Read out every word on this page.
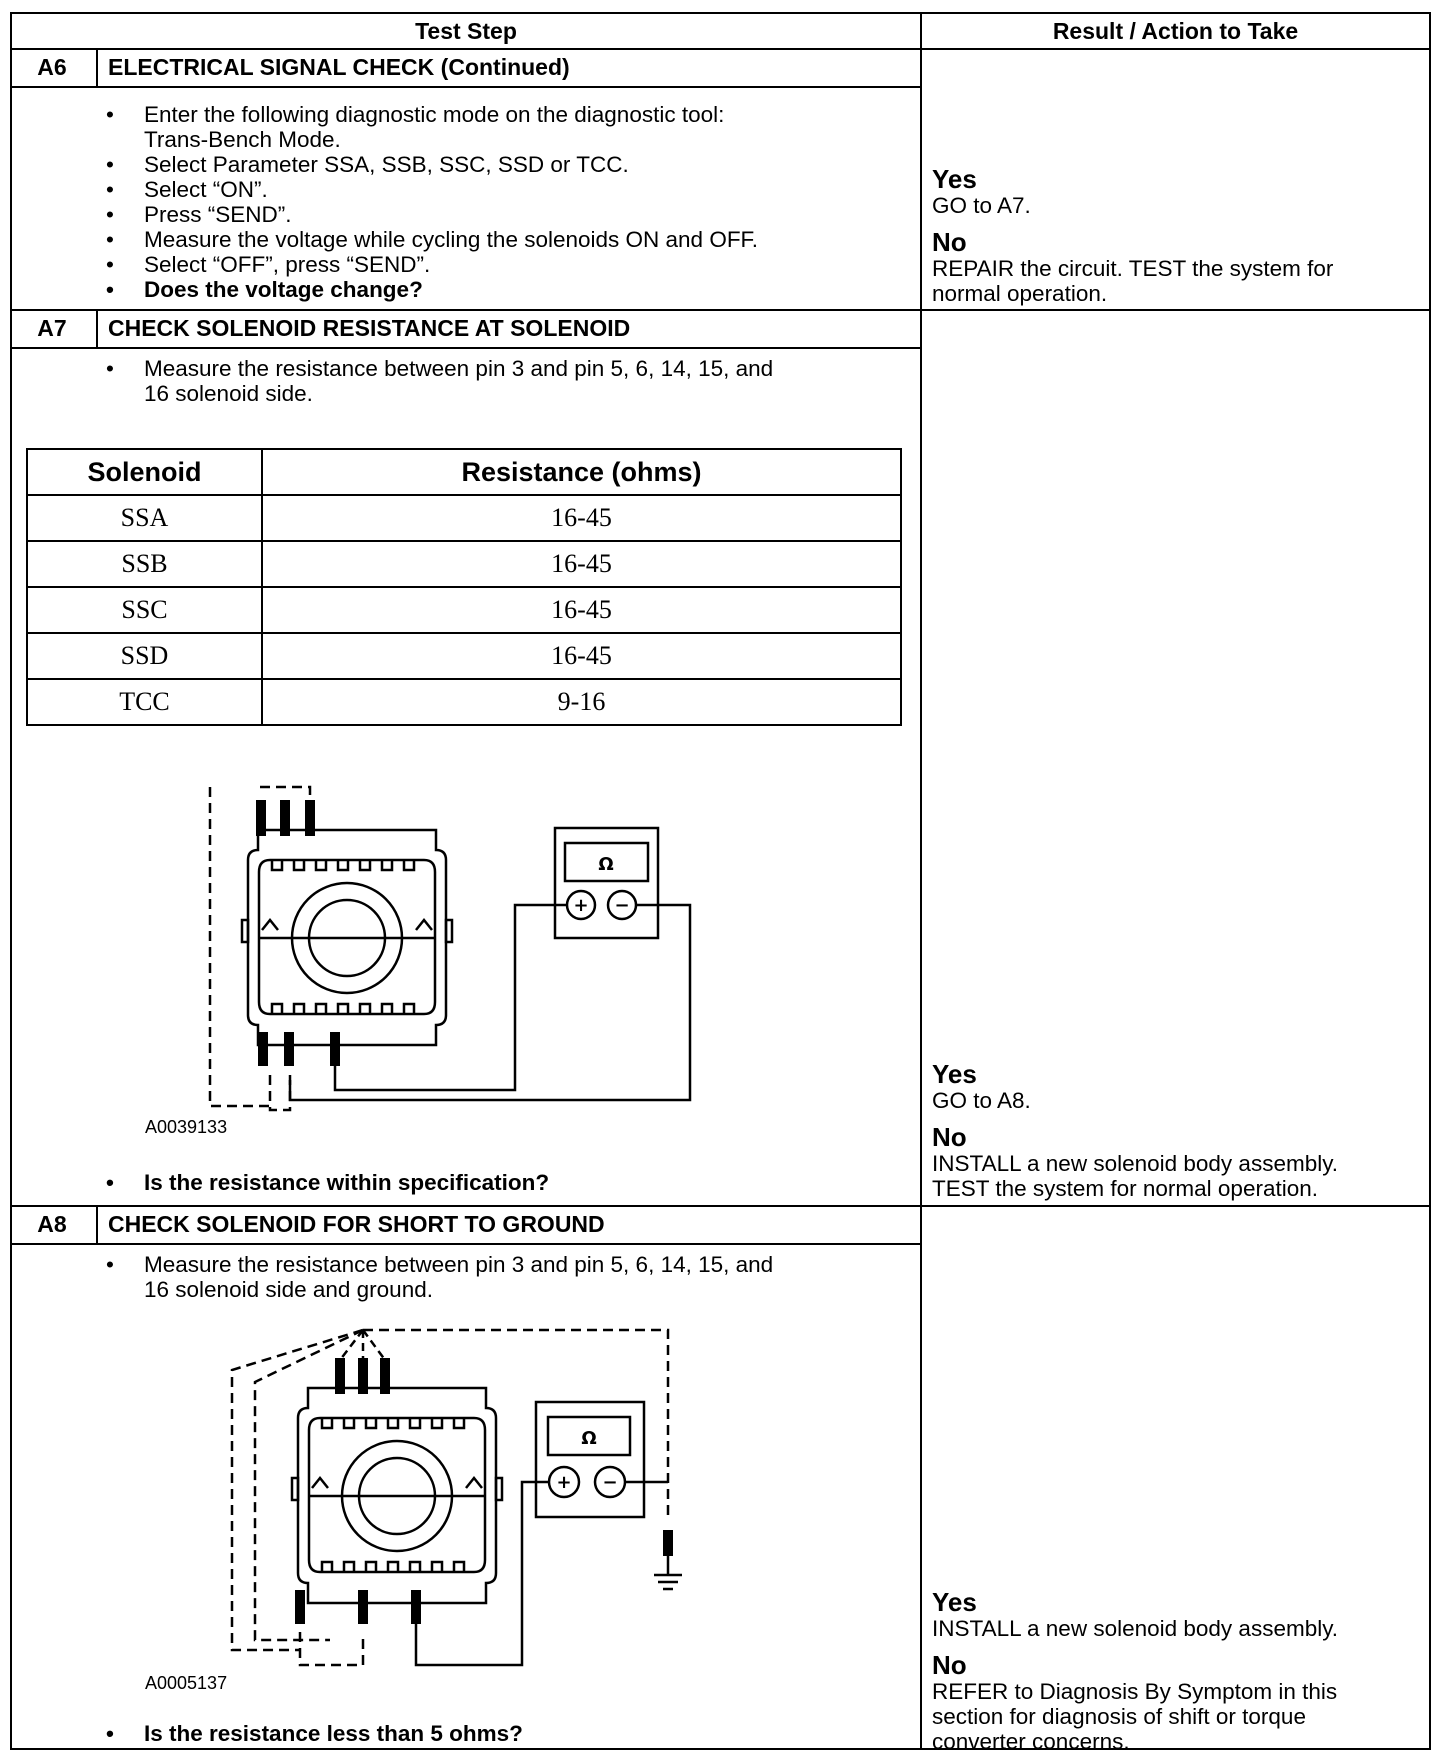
Test Step	Result / Action to Take
A6	ELECTRICAL SIGNAL CHECK (Continued)
• Enter the following diagnostic mode on the diagnostic tool:
Trans-Bench Mode.
• Select Parameter SSA, SSB, SSC, SSD or TCC.
• Select “ON”.
• Press “SEND”.
• Measure the voltage while cycling the solenoids ON and OFF.
• Select “OFF”, press “SEND”.
• Does the voltage change?
Yes
GO to A7.
No
REPAIR the circuit. TEST the system for
normal operation.
A7	CHECK SOLENOID RESISTANCE AT SOLENOID
• Measure the resistance between pin 3 and pin 5, 6, 14, 15, and
16 solenoid side.
Solenoid	Resistance (ohms)
SSA	16-45
SSB	16-45
SSC	16-45
SSD	16-45
TCC	9-16
Ω
+ −
A0039133
• Is the resistance within specification?
Yes
GO to A8.
No
INSTALL a new solenoid body assembly.
TEST the system for normal operation.
A8	CHECK SOLENOID FOR SHORT TO GROUND
• Measure the resistance between pin 3 and pin 5, 6, 14, 15, and
16 solenoid side and ground.
Ω
+ −
A0005137
• Is the resistance less than 5 ohms?
Yes
INSTALL a new solenoid body assembly.
No
REFER to Diagnosis By Symptom in this
section for diagnosis of shift or torque
converter concerns.
